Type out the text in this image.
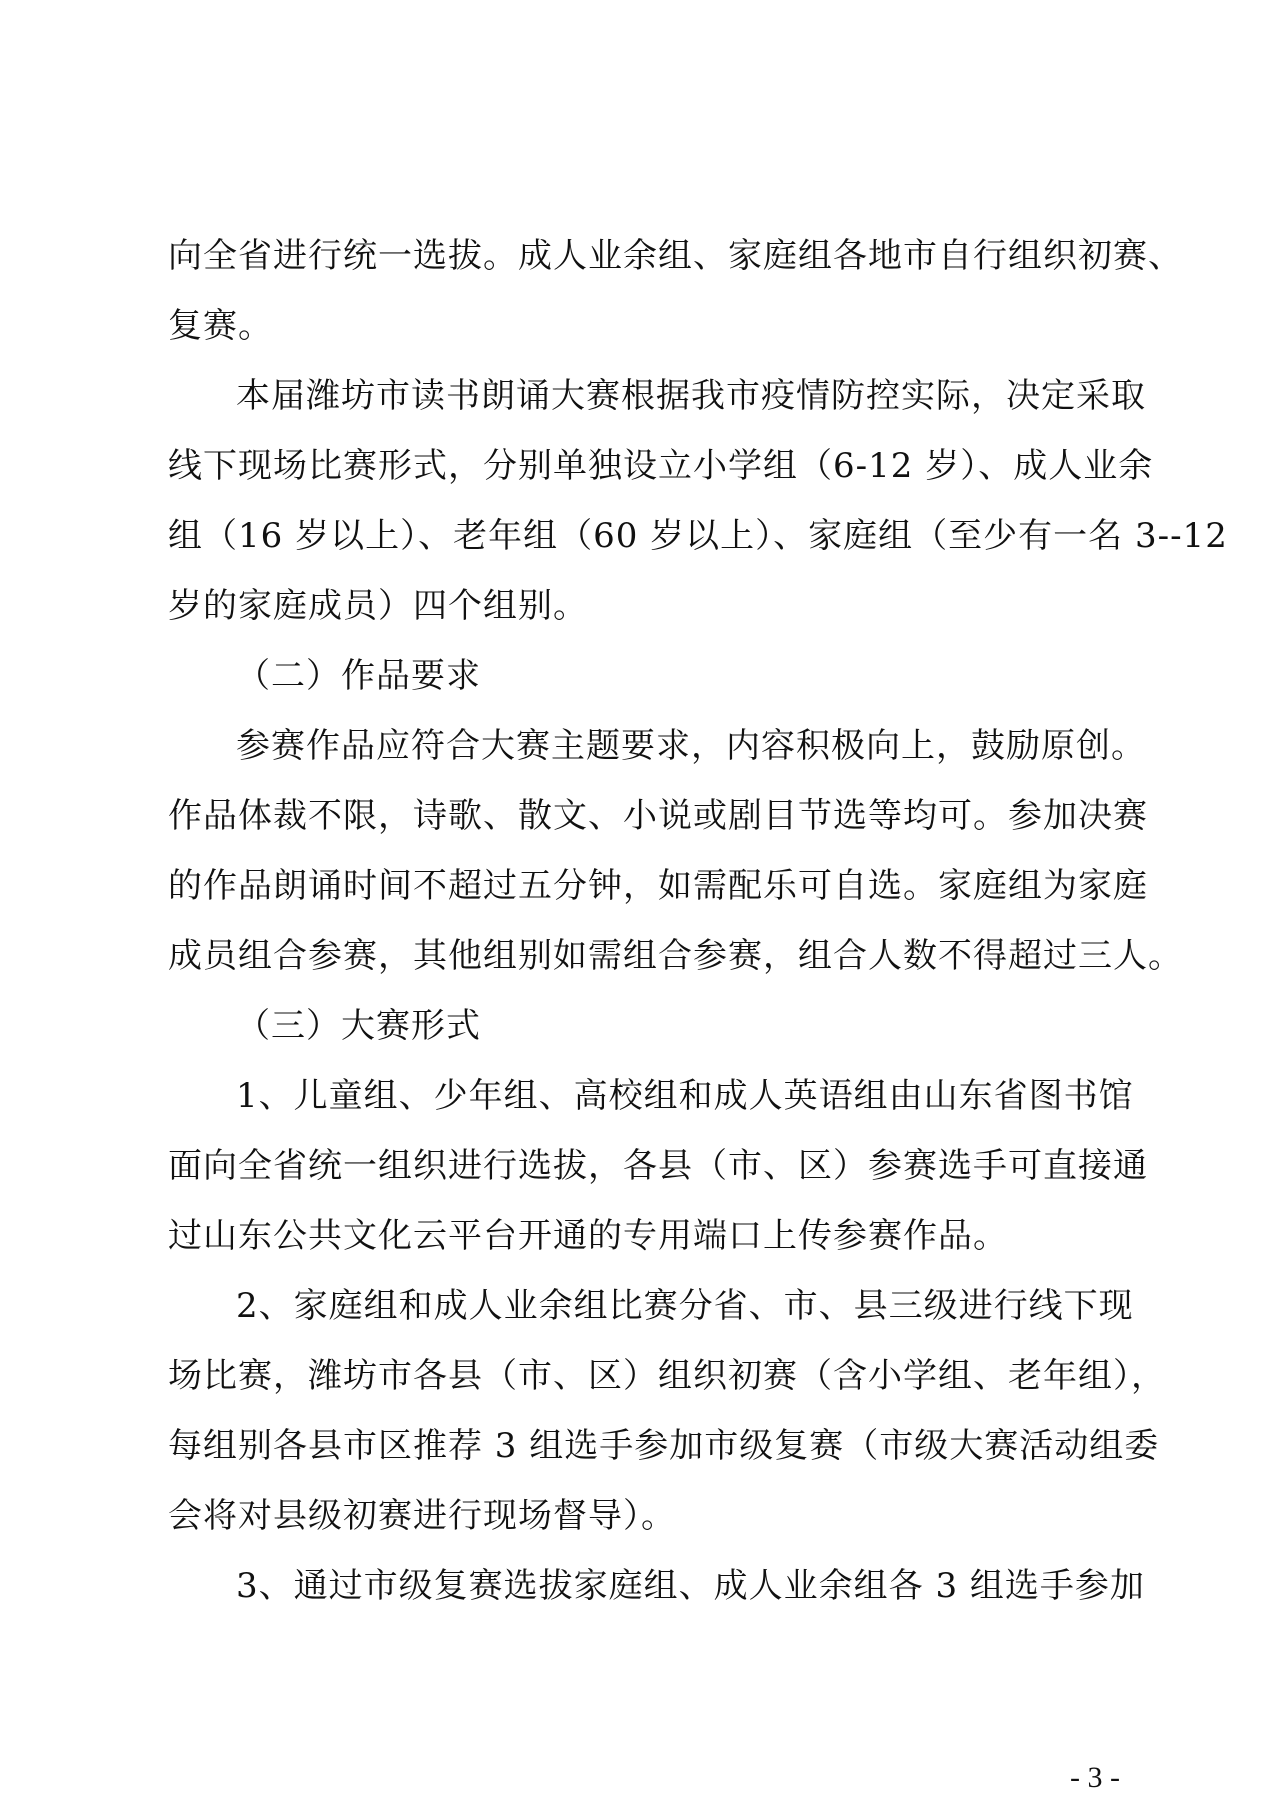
向全省进行统一选拔。成人业余组、家庭组各地市自行组织初赛、
复赛。
本届潍坊市读书朗诵大赛根据我市疫情防控实际，决定采取
线下现场比赛形式，分别单独设立小学组（6-12 岁）、成人业余
组（16 岁以上）、老年组（60 岁以上）、家庭组（至少有一名 3--12
岁的家庭成员）四个组别。
（二）作品要求
参赛作品应符合大赛主题要求，内容积极向上，鼓励原创。
作品体裁不限，诗歌、散文、小说或剧目节选等均可。参加决赛
的作品朗诵时间不超过五分钟，如需配乐可自选。家庭组为家庭
成员组合参赛，其他组别如需组合参赛，组合人数不得超过三人。
（三）大赛形式
1、儿童组、少年组、高校组和成人英语组由山东省图书馆
面向全省统一组织进行选拔，各县（市、区）参赛选手可直接通
过山东公共文化云平台开通的专用端口上传参赛作品。
2、家庭组和成人业余组比赛分省、市、县三级进行线下现
场比赛，潍坊市各县（市、区）组织初赛（含小学组、老年组），
每组别各县市区推荐 3 组选手参加市级复赛（市级大赛活动组委
会将对县级初赛进行现场督导）。
3、通过市级复赛选拔家庭组、成人业余组各 3 组选手参加
- 3 -
